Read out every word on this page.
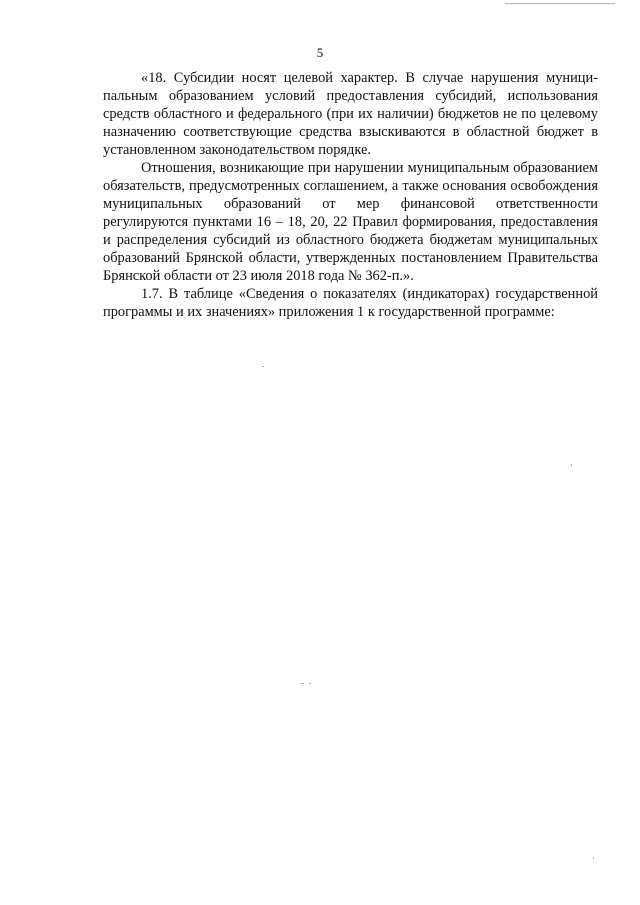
5

«18. Субсидии носят целевой характер. В случае нарушения муниципальным образованием условий предоставления субсидий, использования средств областного и федерального (при их наличии) бюджетов не по целевому назначению соответствующие средства взыскиваются в областной бюджет в установленном законодательством порядке.

Отношения, возникающие при нарушении муниципальным образованием обязательств, предусмотренных соглашением, а также основания освобождения муниципальных образований от мер финансовой ответственности регулируются пунктами 16 – 18, 20, 22 Правил формирования, предоставления и распределения субсидий из областного бюджета бюджетам муниципальных образований Брянской области, утвержденных постановлением Правительства Брянской области от 23 июля 2018 года № 362-п.».

1.7. В таблице «Сведения о показателях (индикаторах) государственной программы и их значениях» приложения 1 к государственной программе:
